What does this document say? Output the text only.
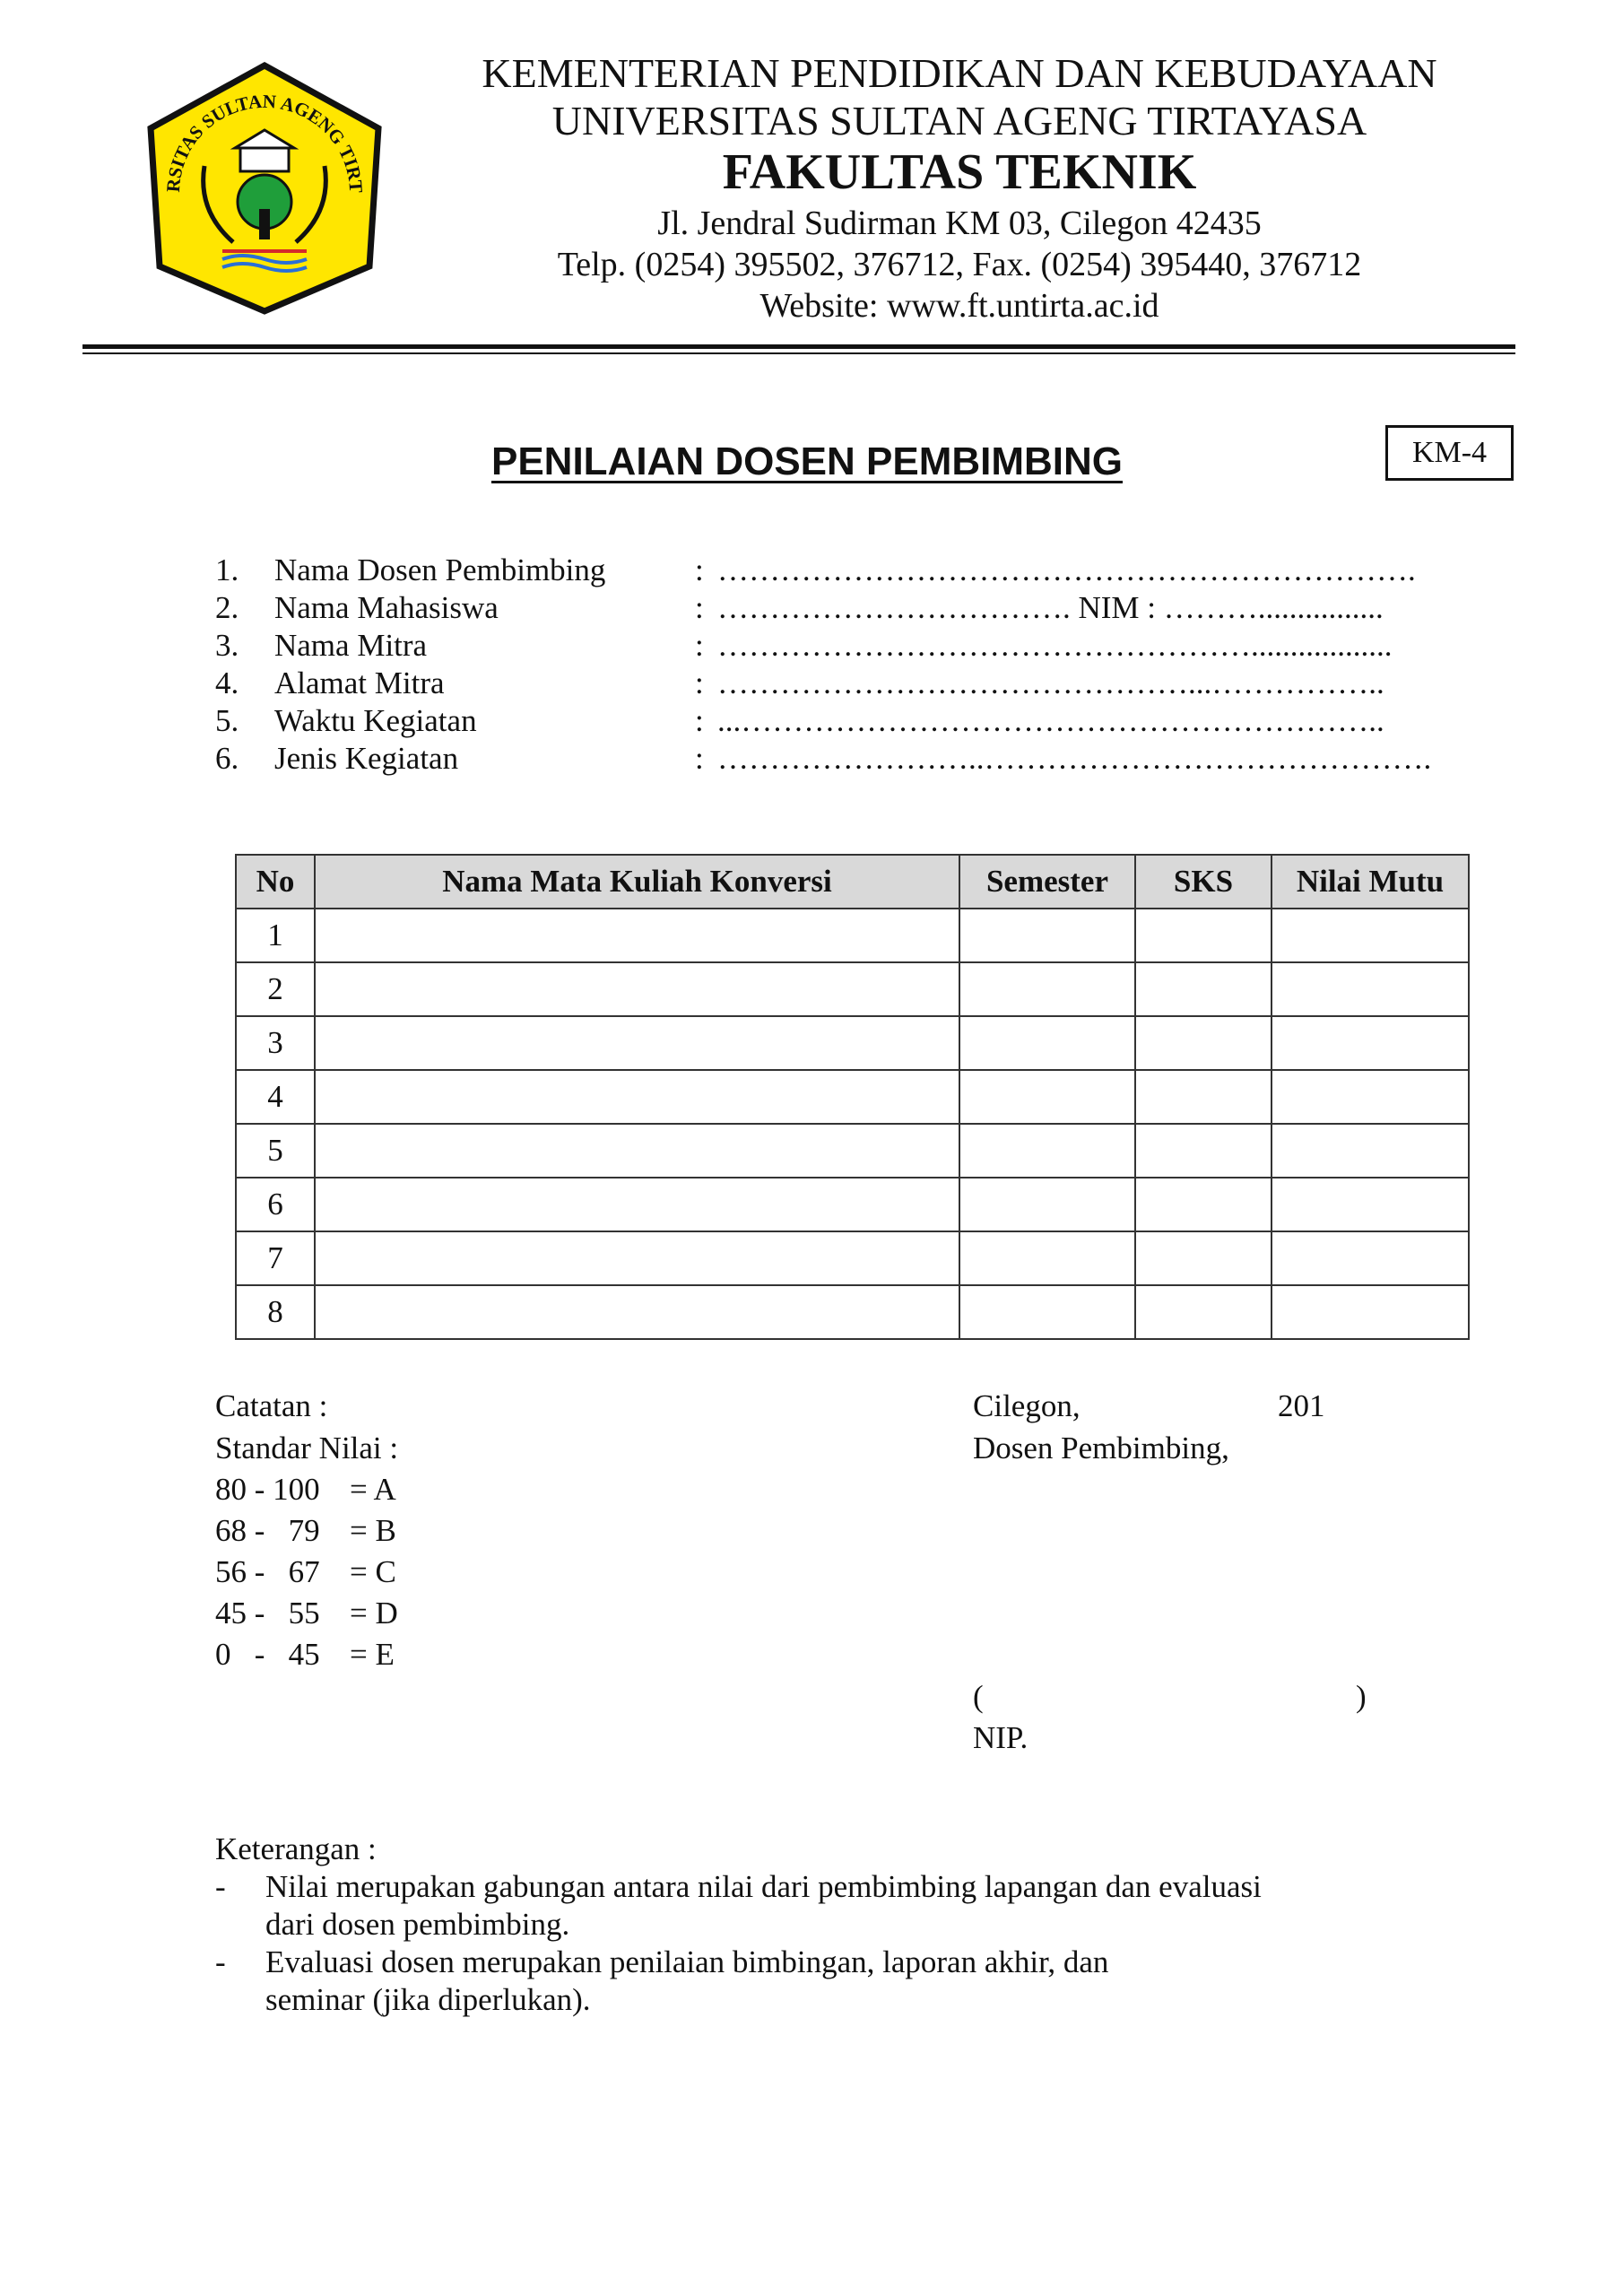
RSITAS SULTAN AGENG TIRT
KEMENTERIAN PENDIDIKAN DAN KEBUDAYAAN
UNIVERSITAS SULTAN AGENG TIRTAYASA
FAKULTAS TEKNIK
Jl. Jendral Sudirman KM 03, Cilegon 42435
Telp. (0254) 395502, 376712, Fax. (0254) 395440, 376712
Website: www.ft.untirta.ac.id
PENILAIAN DOSEN PEMBIMBING	KM-4
1. Nama Dosen Pembimbing	: ………………………………………………………….
2. Nama Mahasiswa	: ……………………………. NIM : ………................
3. Nama Mitra	: ……………………………………………..................
4. Alamat Mitra	: ………………………………………...……………..
5. Waktu Kegiatan	: ...……………………………………………………..
6. Jenis Kegiatan	: ……………………..…………………………………….
No	Nama Mata Kuliah Konversi	Semester	SKS	Nilai Mutu
1				
2				
3				
4				
5				
6				
7				
8				
Catatan :
Standar Nilai :
80 - 100 = A
68 -   79 = B
56 -   67 = C
45 -   55 = D
0   -   45 = E
Cilegon,	201
Dosen Pembimbing,
(	)
NIP.
Keterangan :
- Nilai merupakan gabungan antara nilai dari pembimbing lapangan dan evaluasi
dari dosen pembimbing.
- Evaluasi dosen merupakan penilaian bimbingan, laporan akhir, dan
seminar (jika diperlukan).
